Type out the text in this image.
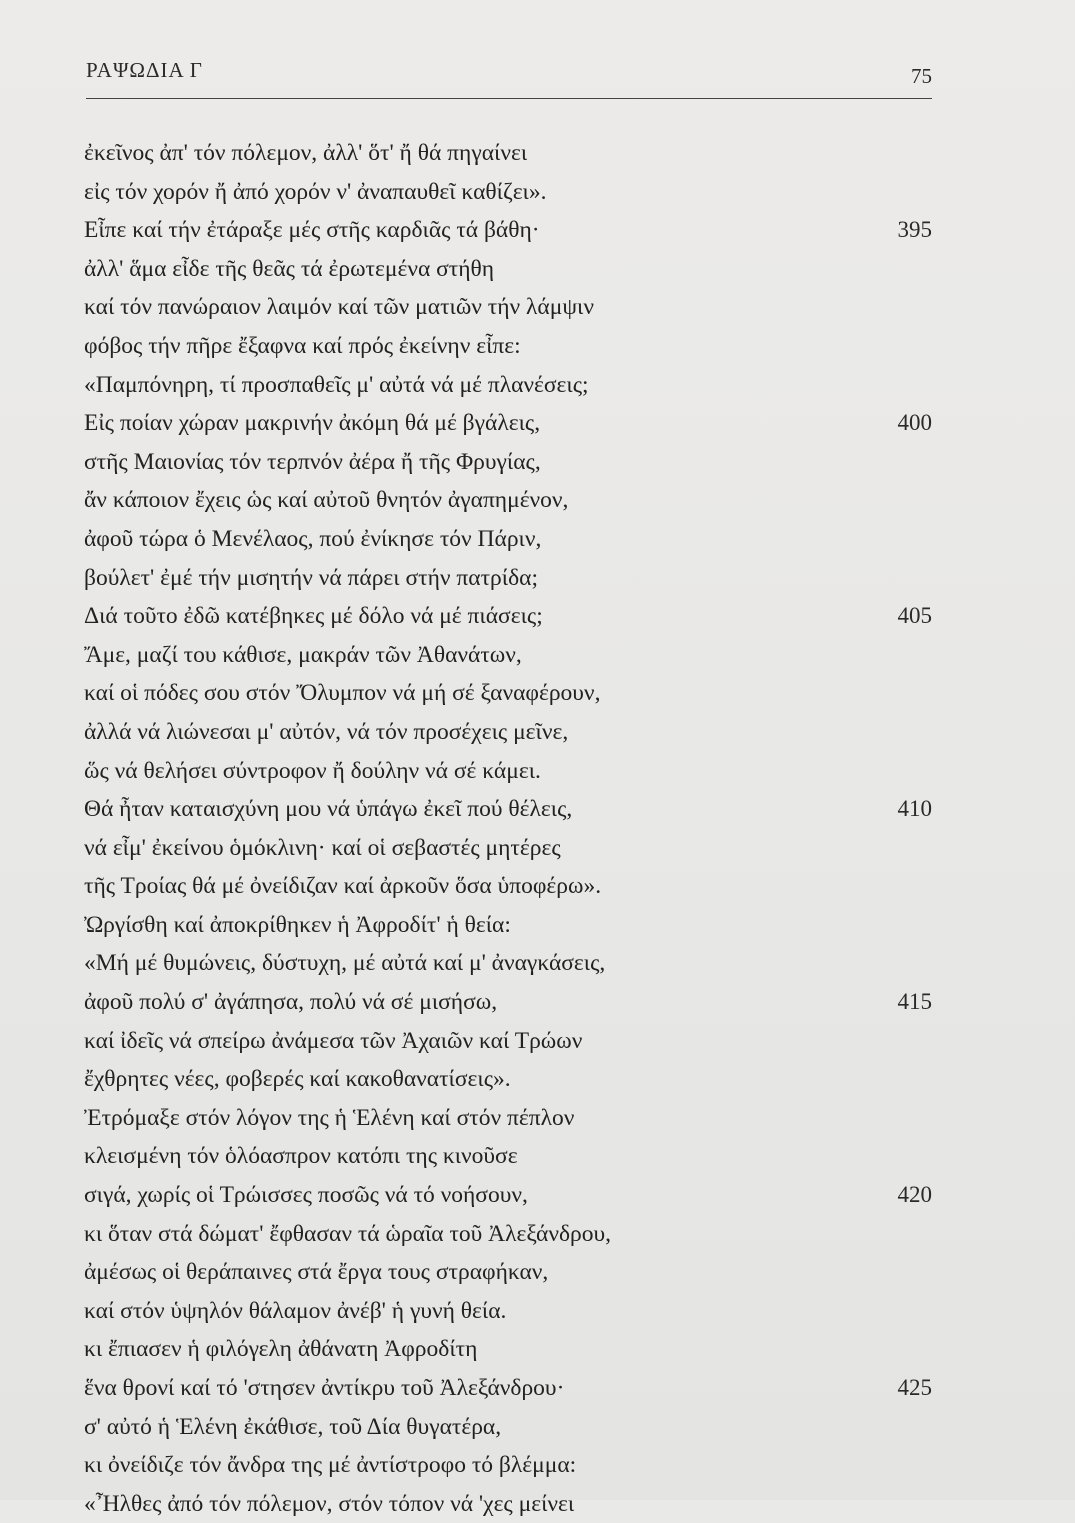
ΡΑΨΩΔΙΑ Γ	75
ἐκεῖνος ἀπ' τόν πόλεμον, ἀλλ' ὅτ' ἤ θά πηγαίνει
εἰς τόν χορόν ἤ ἀπό χορόν ν' ἀναπαυθεῖ καθίζει».
Εἶπε καί τήν ἐτάραξε μές στῆς καρδιᾶς τά βάθη·	395
ἀλλ' ἅμα εἶδε τῆς θεᾶς τά ἐρωτεμένα στήθη
καί τόν πανώραιον λαιμόν καί τῶν ματιῶν τήν λάμψιν
φόβος τήν πῆρε ἔξαφνα καί πρός ἐκείνην εἶπε:
«Παμπόνηρη, τί προσπαθεῖς μ' αὐτά νά μέ πλανέσεις;
Εἰς ποίαν χώραν μακρινήν ἀκόμη θά μέ βγάλεις,	400
στῆς Μαιονίας τόν τερπνόν ἀέρα ἤ τῆς Φρυγίας,
ἄν κάποιον ἔχεις ὡς καί αὐτοῦ θνητόν ἀγαπημένον,
ἀφοῦ τώρα ὁ Μενέλαος, πού ἐνίκησε τόν Πάριν,
βούλετ' ἐμέ τήν μισητήν νά πάρει στήν πατρίδα;
Διά τοῦτο ἐδῶ κατέβηκες μέ δόλο νά μέ πιάσεις;	405
Ἄμε, μαζί του κάθισε, μακράν τῶν Ἀθανάτων,
καί οἱ πόδες σου στόν Ὄλυμπον νά μή σέ ξαναφέρουν,
ἀλλά νά λιώνεσαι μ' αὐτόν, νά τόν προσέχεις μεῖνε,
ὥς νά θελήσει σύντροφον ἤ δούλην νά σέ κάμει.
Θά ἦταν καταισχύνη μου νά ὑπάγω ἐκεῖ πού θέλεις,	410
νά εἶμ' ἐκείνου ὁμόκλινη· καί οἱ σεβαστές μητέρες
τῆς Τροίας θά μέ ὀνείδιζαν καί ἀρκοῦν ὅσα ὑποφέρω».
Ὠργίσθη καί ἀποκρίθηκεν ἡ Ἀφροδίτ' ἡ θεία:
«Μή μέ θυμώνεις, δύστυχη, μέ αὐτά καί μ' ἀναγκάσεις,
ἀφοῦ πολύ σ' ἀγάπησα, πολύ νά σέ μισήσω,	415
καί ἰδεῖς νά σπείρω ἀνάμεσα τῶν Ἀχαιῶν καί Τρώων
ἔχθρητες νέες, φοβερές καί κακοθανατίσεις».
Ἐτρόμαξε στόν λόγον της ἡ Ἑλένη καί στόν πέπλον
κλεισμένη τόν ὁλόασπρον κατόπι της κινοῦσε
σιγά, χωρίς οἱ Τρώισσες ποσῶς νά τό νοήσουν,	420
κι ὅταν στά δώματ' ἔφθασαν τά ὡραῖα τοῦ Ἀλεξάνδρου,
ἀμέσως οἱ θεράπαινες στά ἔργα τους στραφήκαν,
καί στόν ὑψηλόν θάλαμον ἀνέβ' ἡ γυνή θεία.
κι ἔπιασεν ἡ φιλόγελη ἀθάνατη Ἀφροδίτη
ἕνα θρονί καί τό 'στησεν ἀντίκρυ τοῦ Ἀλεξάνδρου·	425
σ' αὐτό ἡ Ἑλένη ἐκάθισε, τοῦ Δία θυγατέρα,
κι ὀνείδιζε τόν ἄνδρα της μέ ἀντίστροφο τό βλέμμα:
«Ἦλθες ἀπό τόν πόλεμον, στόν τόπον νά 'χες μείνει
